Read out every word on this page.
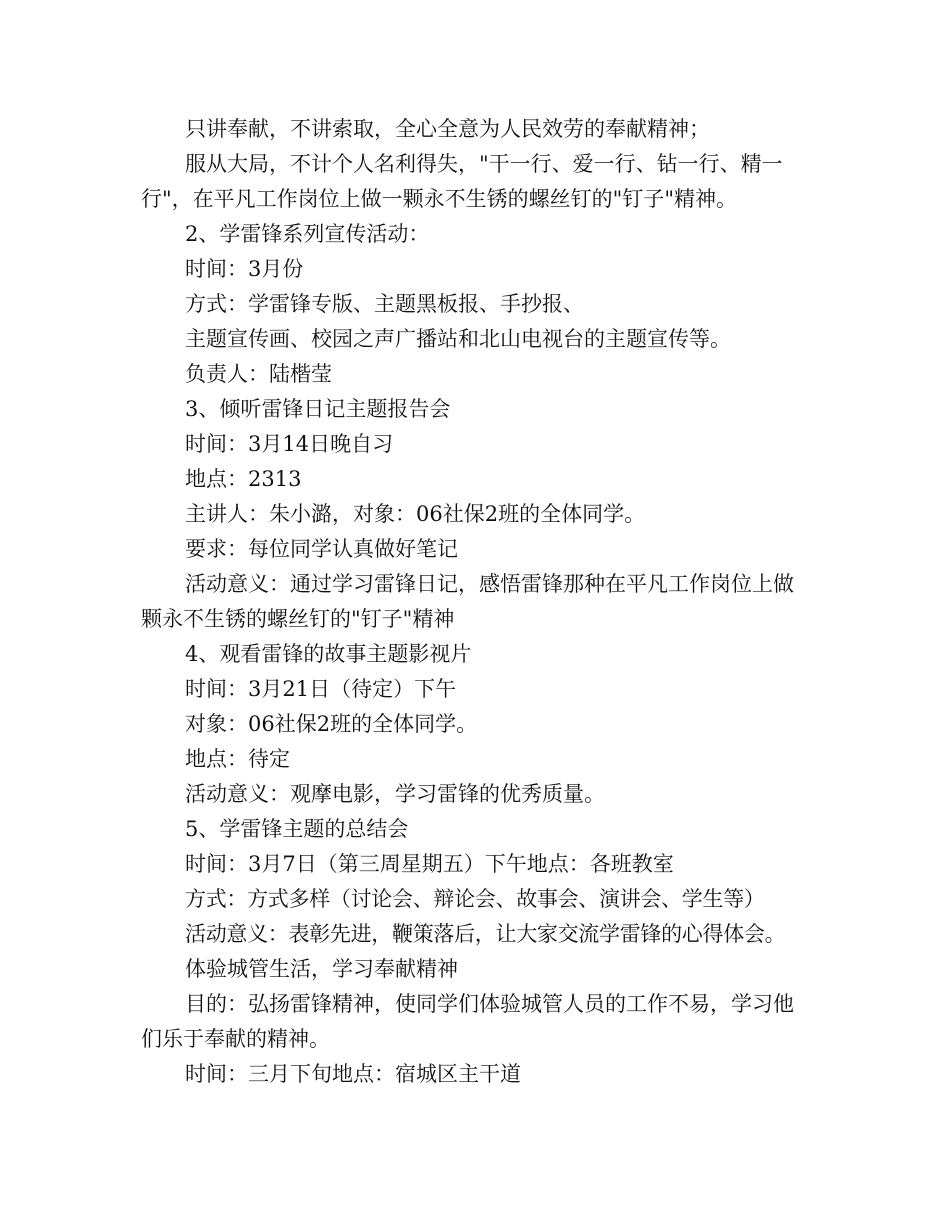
只讲奉献，不讲索取，全心全意为人民效劳的奉献精神；

服从大局，不计个人名利得失，"干一行、爱一行、钻一行、精一行"，在平凡工作岗位上做一颗永不生锈的螺丝钉的"钉子"精神。

2、学雷锋系列宣传活动：

时间：3月份

方式：学雷锋专版、主题黑板报、手抄报、

主题宣传画、校园之声广播站和北山电视台的主题宣传等。

负责人：陆楷莹

3、倾听雷锋日记主题报告会

时间：3月14日晚自习

地点：2313

主讲人：朱小潞，对象：06社保2班的全体同学。

要求：每位同学认真做好笔记

活动意义：通过学习雷锋日记，感悟雷锋那种在平凡工作岗位上做颗永不生锈的螺丝钉的"钉子"精神

4、观看雷锋的故事主题影视片

时间：3月21日（待定）下午

对象：06社保2班的全体同学。

地点：待定

活动意义：观摩电影，学习雷锋的优秀质量。

5、学雷锋主题的总结会

时间：3月7日（第三周星期五）下午地点：各班教室

方式：方式多样（讨论会、辩论会、故事会、演讲会、学生等）

活动意义：表彰先进，鞭策落后，让大家交流学雷锋的心得体会。

体验城管生活，学习奉献精神

目的：弘扬雷锋精神，使同学们体验城管人员的工作不易，学习他们乐于奉献的精神。

时间：三月下旬地点：宿城区主干道
